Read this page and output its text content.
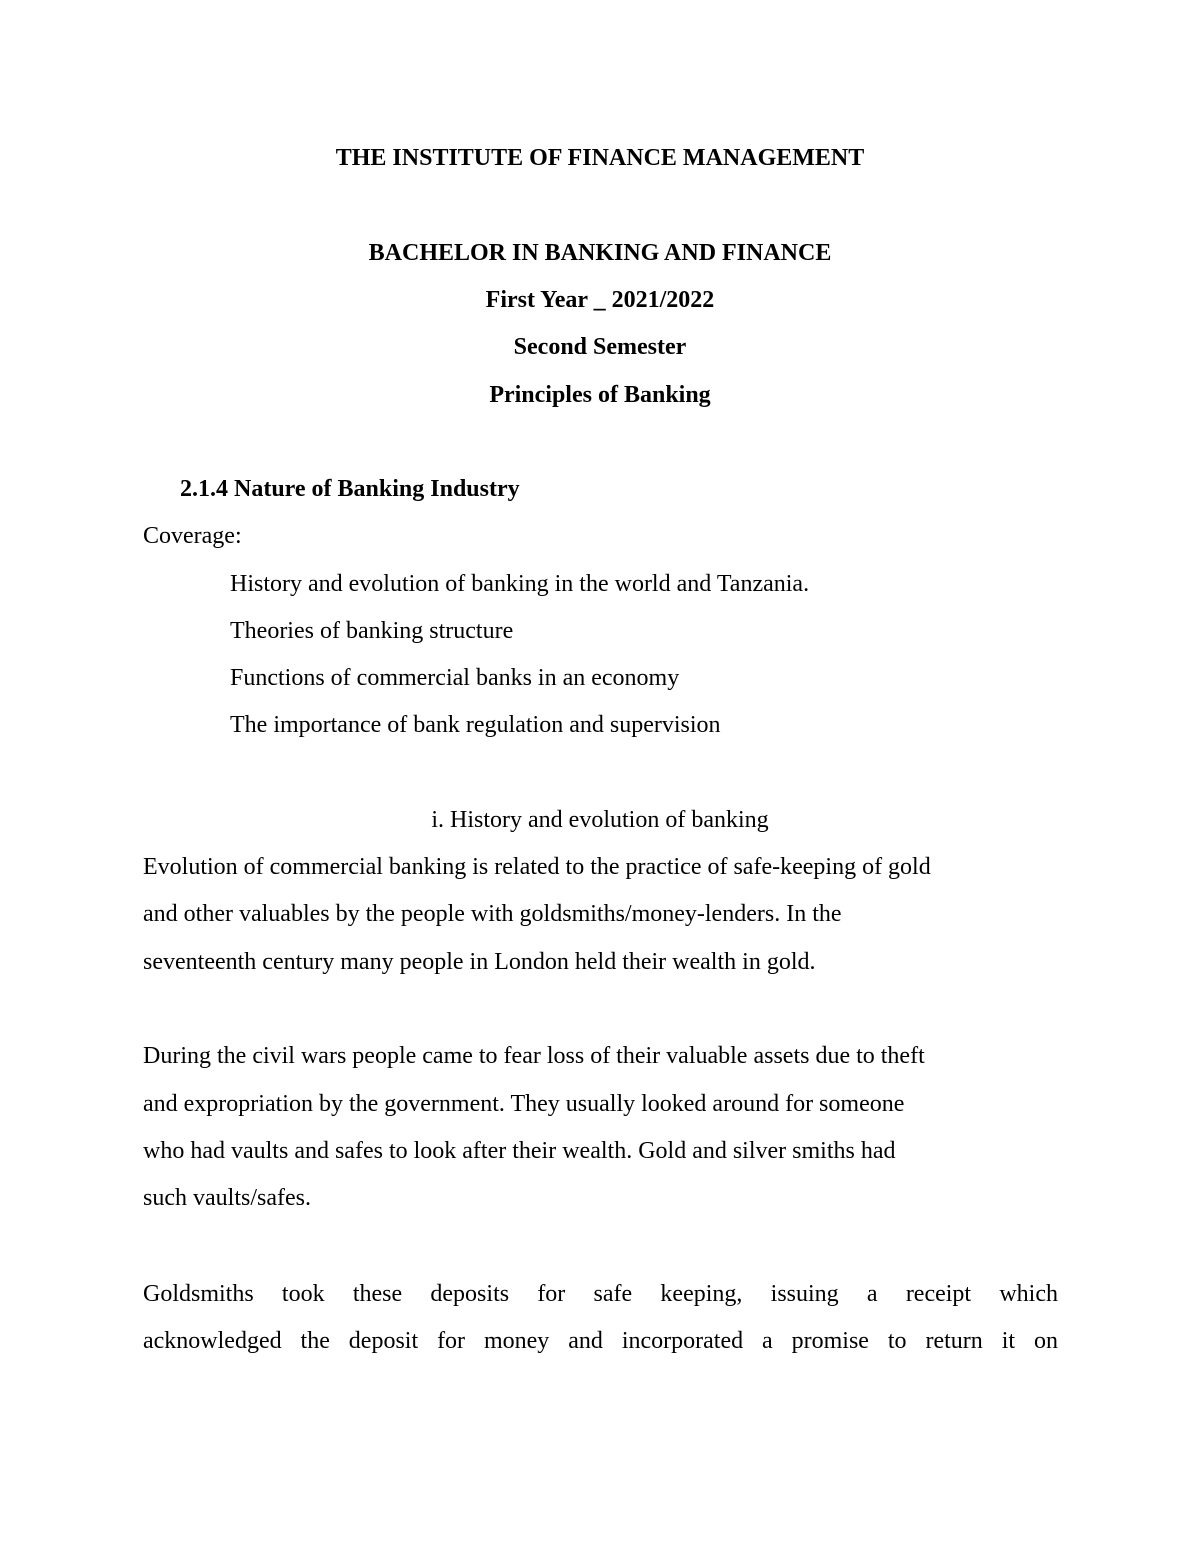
THE INSTITUTE OF FINANCE MANAGEMENT
BACHELOR IN BANKING AND FINANCE
First Year _ 2021/2022
Second Semester
Principles of Banking
2.1.4 Nature of Banking Industry
Coverage:
History and evolution of banking in the world and Tanzania.
Theories of banking structure
Functions of commercial banks in an economy
The importance of bank regulation and supervision
i. History and evolution of banking
Evolution of commercial banking is related to the practice of safe-keeping of gold
and other valuables by the people with goldsmiths/money-lenders. In the
seventeenth century many people in London held their wealth in gold.
During the civil wars people came to fear loss of their valuable assets due to theft
and expropriation by the government. They usually looked around for someone
who had vaults and safes to look after their wealth. Gold and silver smiths had
such vaults/safes.
Goldsmiths took these deposits for safe keeping, issuing a receipt which
acknowledged the deposit for money and incorporated a promise to return it on
